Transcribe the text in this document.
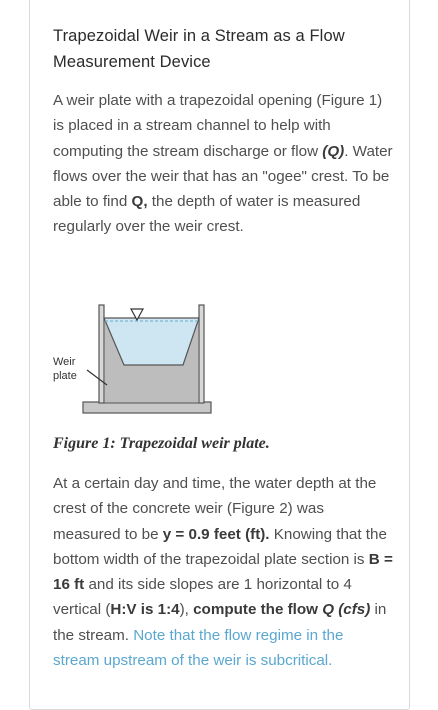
Trapezoidal Weir in a Stream as a Flow Measurement Device
A weir plate with a trapezoidal opening (Figure 1) is placed in a stream channel to help with computing the stream discharge or flow (Q). Water flows over the weir that has an "ogee" crest. To be able to find Q, the depth of water is measured regularly over the weir crest.
Weir
plate
Figure 1: Trapezoidal weir plate.
At a certain day and time, the water depth at the crest of the concrete weir (Figure 2) was measured to be y = 0.9 feet (ft). Knowing that the bottom width of the trapezoidal plate section is B = 16 ft and its side slopes are 1 horizontal to 4 vertical (H:V is 1:4), compute the flow Q (cfs) in the stream. Note that the flow regime in the stream upstream of the weir is subcritical.
